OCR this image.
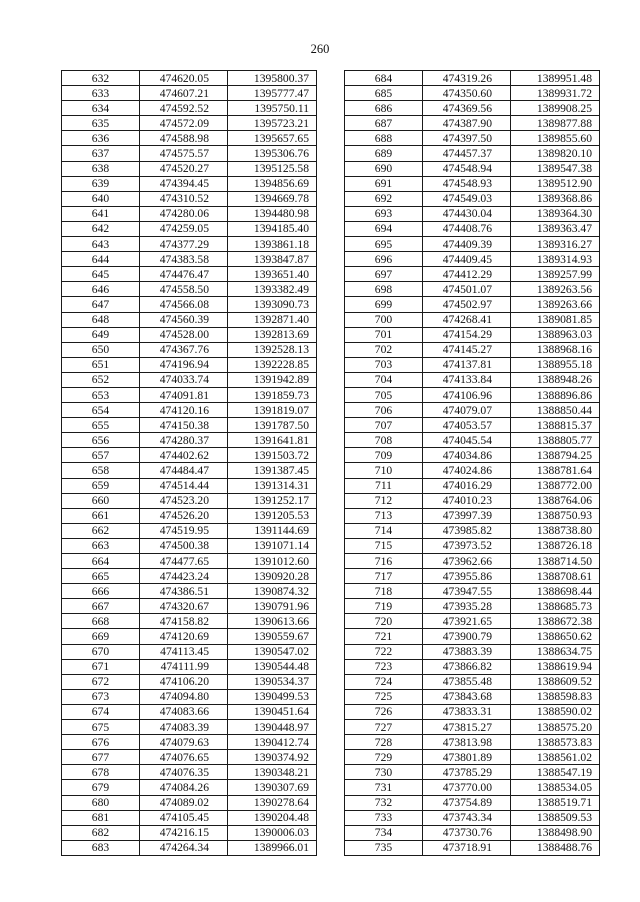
260
632	474620.05	1395800.37
633	474607.21	1395777.47
634	474592.52	1395750.11
635	474572.09	1395723.21
636	474588.98	1395657.65
637	474575.57	1395306.76
638	474520.27	1395125.58
639	474394.45	1394856.69
640	474310.52	1394669.78
641	474280.06	1394480.98
642	474259.05	1394185.40
643	474377.29	1393861.18
644	474383.58	1393847.87
645	474476.47	1393651.40
646	474558.50	1393382.49
647	474566.08	1393090.73
648	474560.39	1392871.40
649	474528.00	1392813.69
650	474367.76	1392528.13
651	474196.94	1392228.85
652	474033.74	1391942.89
653	474091.81	1391859.73
654	474120.16	1391819.07
655	474150.38	1391787.50
656	474280.37	1391641.81
657	474402.62	1391503.72
658	474484.47	1391387.45
659	474514.44	1391314.31
660	474523.20	1391252.17
661	474526.20	1391205.53
662	474519.95	1391144.69
663	474500.38	1391071.14
664	474477.65	1391012.60
665	474423.24	1390920.28
666	474386.51	1390874.32
667	474320.67	1390791.96
668	474158.82	1390613.66
669	474120.69	1390559.67
670	474113.45	1390547.02
671	474111.99	1390544.48
672	474106.20	1390534.37
673	474094.80	1390499.53
674	474083.66	1390451.64
675	474083.39	1390448.97
676	474079.63	1390412.74
677	474076.65	1390374.92
678	474076.35	1390348.21
679	474084.26	1390307.69
680	474089.02	1390278.64
681	474105.45	1390204.48
682	474216.15	1390006.03
683	474264.34	1389966.01
684	474319.26	1389951.48
685	474350.60	1389931.72
686	474369.56	1389908.25
687	474387.90	1389877.88
688	474397.50	1389855.60
689	474457.37	1389820.10
690	474548.94	1389547.38
691	474548.93	1389512.90
692	474549.03	1389368.86
693	474430.04	1389364.30
694	474408.76	1389363.47
695	474409.39	1389316.27
696	474409.45	1389314.93
697	474412.29	1389257.99
698	474501.07	1389263.56
699	474502.97	1389263.66
700	474268.41	1389081.85
701	474154.29	1388963.03
702	474145.27	1388968.16
703	474137.81	1388955.18
704	474133.84	1388948.26
705	474106.96	1388896.86
706	474079.07	1388850.44
707	474053.57	1388815.37
708	474045.54	1388805.77
709	474034.86	1388794.25
710	474024.86	1388781.64
711	474016.29	1388772.00
712	474010.23	1388764.06
713	473997.39	1388750.93
714	473985.82	1388738.80
715	473973.52	1388726.18
716	473962.66	1388714.50
717	473955.86	1388708.61
718	473947.55	1388698.44
719	473935.28	1388685.73
720	473921.65	1388672.38
721	473900.79	1388650.62
722	473883.39	1388634.75
723	473866.82	1388619.94
724	473855.48	1388609.52
725	473843.68	1388598.83
726	473833.31	1388590.02
727	473815.27	1388575.20
728	473813.98	1388573.83
729	473801.89	1388561.02
730	473785.29	1388547.19
731	473770.00	1388534.05
732	473754.89	1388519.71
733	473743.34	1388509.53
734	473730.76	1388498.90
735	473718.91	1388488.76
